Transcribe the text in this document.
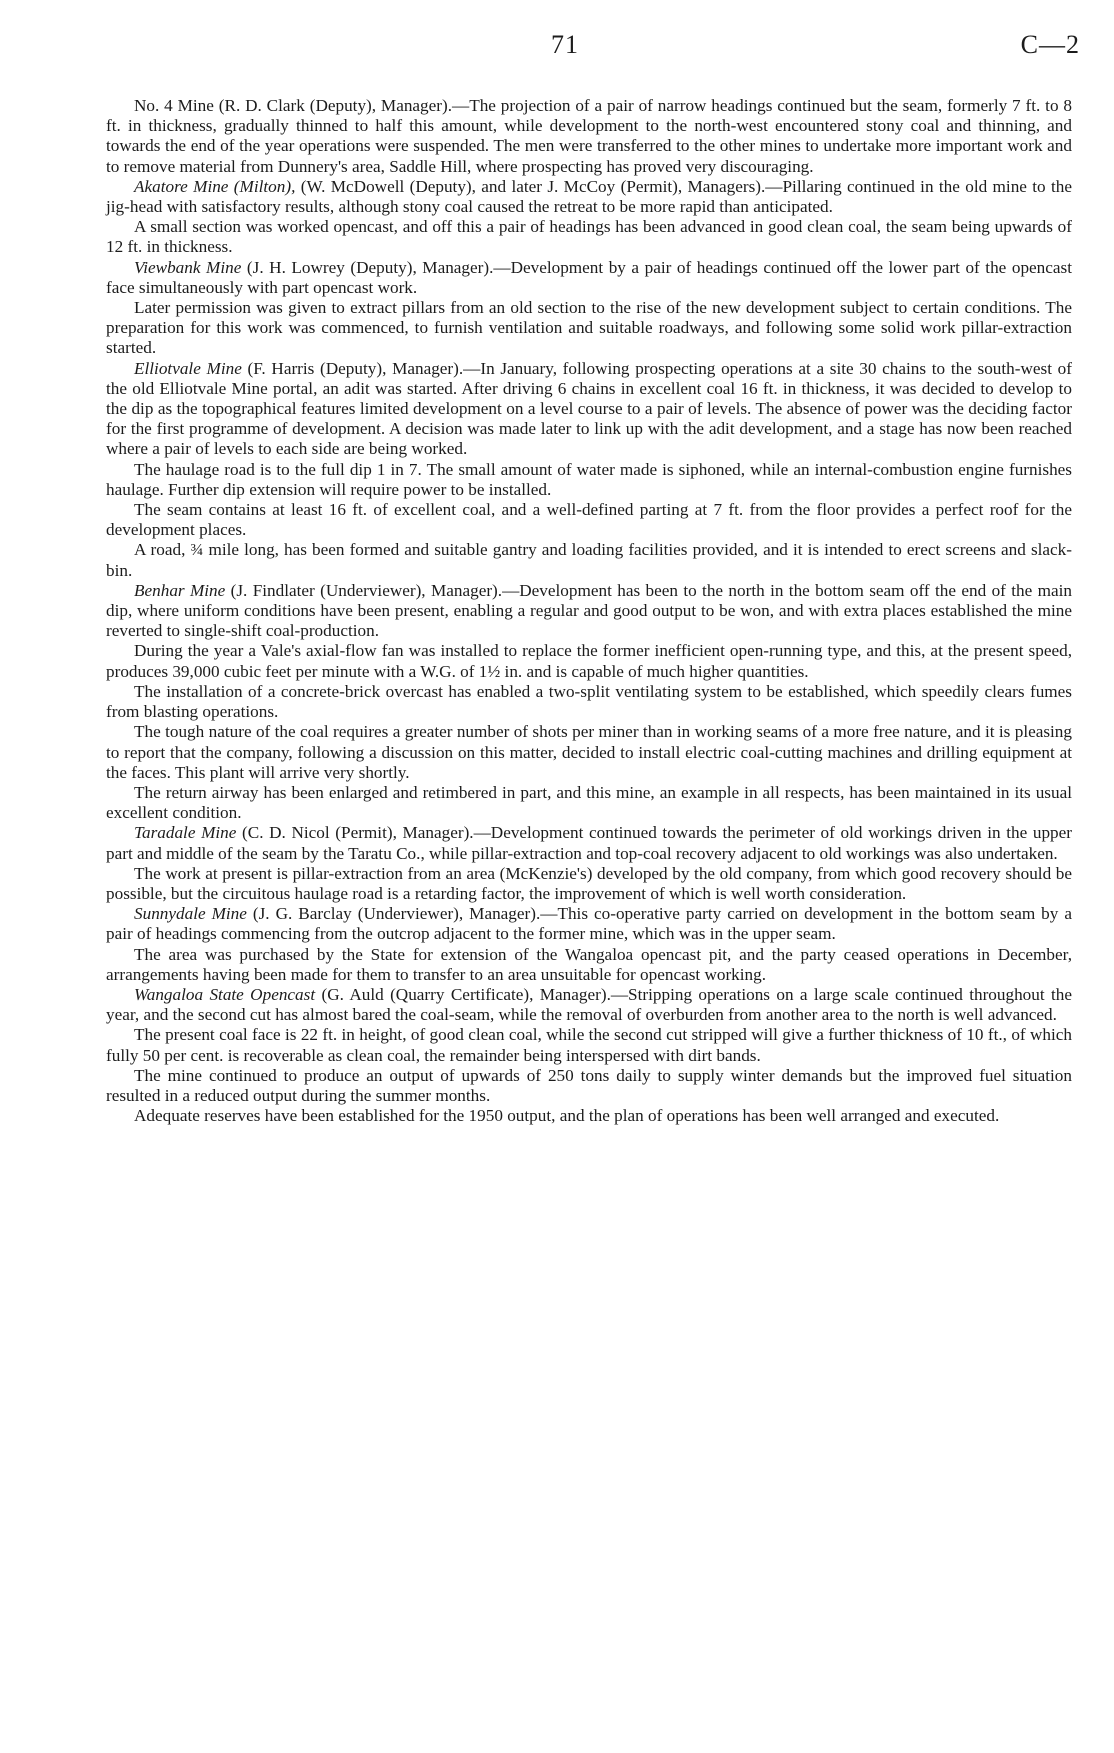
71	C—2

No. 4 Mine (R. D. Clark (Deputy), Manager).—The projection of a pair of narrow headings continued but the seam, formerly 7 ft. to 8 ft. in thickness, gradually thinned to half this amount, while development to the north-west encountered stony coal and thinning, and towards the end of the year operations were suspended. The men were transferred to the other mines to undertake more important work and to remove material from Dunnery's area, Saddle Hill, where prospecting has proved very discouraging.

Akatore Mine (Milton), (W. McDowell (Deputy), and later J. McCoy (Permit), Managers).—Pillaring continued in the old mine to the jig-head with satisfactory results, although stony coal caused the retreat to be more rapid than anticipated.

A small section was worked opencast, and off this a pair of headings has been advanced in good clean coal, the seam being upwards of 12 ft. in thickness.

Viewbank Mine (J. H. Lowrey (Deputy), Manager).—Development by a pair of headings continued off the lower part of the opencast face simultaneously with part opencast work.

Later permission was given to extract pillars from an old section to the rise of the new development subject to certain conditions. The preparation for this work was commenced, to furnish ventilation and suitable roadways, and following some solid work pillar-extraction started.

Elliotvale Mine (F. Harris (Deputy), Manager).—In January, following prospecting operations at a site 30 chains to the south-west of the old Elliotvale Mine portal, an adit was started. After driving 6 chains in excellent coal 16 ft. in thickness, it was decided to develop to the dip as the topographical features limited development on a level course to a pair of levels. The absence of power was the deciding factor for the first programme of development. A decision was made later to link up with the adit development, and a stage has now been reached where a pair of levels to each side are being worked.

The haulage road is to the full dip 1 in 7. The small amount of water made is siphoned, while an internal-combustion engine furnishes haulage. Further dip extension will require power to be installed.

The seam contains at least 16 ft. of excellent coal, and a well-defined parting at 7 ft. from the floor provides a perfect roof for the development places.

A road, ¾ mile long, has been formed and suitable gantry and loading facilities provided, and it is intended to erect screens and slack-bin.

Benhar Mine (J. Findlater (Underviewer), Manager).—Development has been to the north in the bottom seam off the end of the main dip, where uniform conditions have been present, enabling a regular and good output to be won, and with extra places established the mine reverted to single-shift coal-production.

During the year a Vale's axial-flow fan was installed to replace the former inefficient open-running type, and this, at the present speed, produces 39,000 cubic feet per minute with a W.G. of 1½ in. and is capable of much higher quantities.

The installation of a concrete-brick overcast has enabled a two-split ventilating system to be established, which speedily clears fumes from blasting operations.

The tough nature of the coal requires a greater number of shots per miner than in working seams of a more free nature, and it is pleasing to report that the company, following a discussion on this matter, decided to install electric coal-cutting machines and drilling equipment at the faces. This plant will arrive very shortly.

The return airway has been enlarged and retimbered in part, and this mine, an example in all respects, has been maintained in its usual excellent condition.

Taradale Mine (C. D. Nicol (Permit), Manager).—Development continued towards the perimeter of old workings driven in the upper part and middle of the seam by the Taratu Co., while pillar-extraction and top-coal recovery adjacent to old workings was also undertaken.

The work at present is pillar-extraction from an area (McKenzie's) developed by the old company, from which good recovery should be possible, but the circuitous haulage road is a retarding factor, the improvement of which is well worth consideration.

Sunnydale Mine (J. G. Barclay (Underviewer), Manager).—This co-operative party carried on development in the bottom seam by a pair of headings commencing from the outcrop adjacent to the former mine, which was in the upper seam.

The area was purchased by the State for extension of the Wangaloa opencast pit, and the party ceased operations in December, arrangements having been made for them to transfer to an area unsuitable for opencast working.

Wangaloa State Opencast (G. Auld (Quarry Certificate), Manager).—Stripping operations on a large scale continued throughout the year, and the second cut has almost bared the coal-seam, while the removal of overburden from another area to the north is well advanced.

The present coal face is 22 ft. in height, of good clean coal, while the second cut stripped will give a further thickness of 10 ft., of which fully 50 per cent. is recoverable as clean coal, the remainder being interspersed with dirt bands.

The mine continued to produce an output of upwards of 250 tons daily to supply winter demands but the improved fuel situation resulted in a reduced output during the summer months.

Adequate reserves have been established for the 1950 output, and the plan of operations has been well arranged and executed.
